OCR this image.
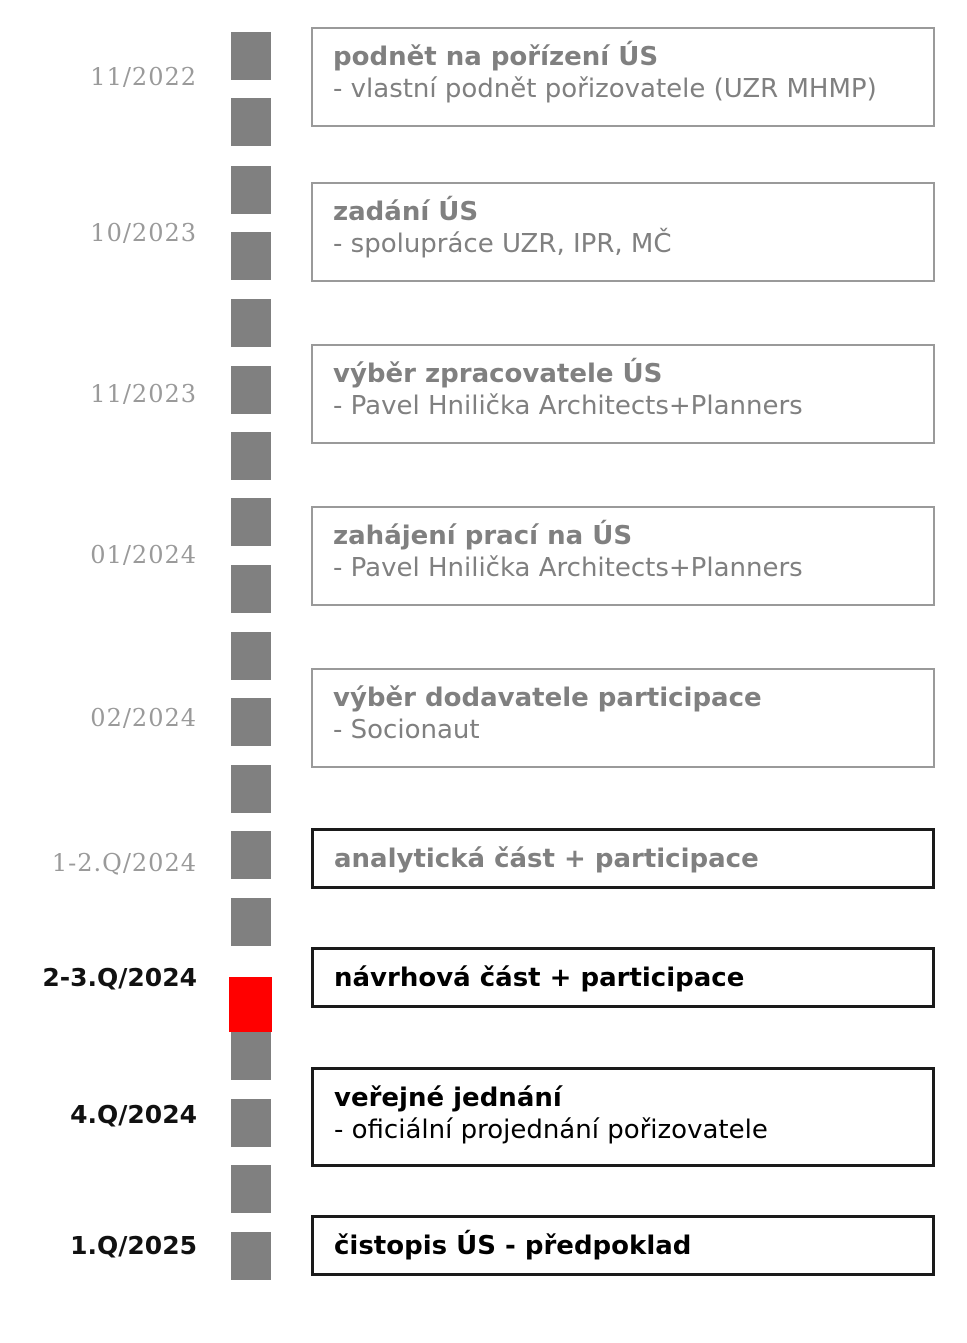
11/2022
10/2023
11/2023
01/2024
02/2024
1-2.Q/2024
2-3.Q/2024
4.Q/2024
1.Q/2025
podnět na pořízení ÚS
- vlastní podnět pořizovatele (UZR MHMP)
zadání ÚS
- spolupráce UZR, IPR, MČ
výběr zpracovatele ÚS
- Pavel Hnilička Architects+Planners
zahájení prací na ÚS
- Pavel Hnilička Architects+Planners
výběr dodavatele participace
- Socionaut
analytická část + participace
návrhová část + participace
veřejné jednání
- oficiální projednání pořizovatele
čistopis ÚS - předpoklad
